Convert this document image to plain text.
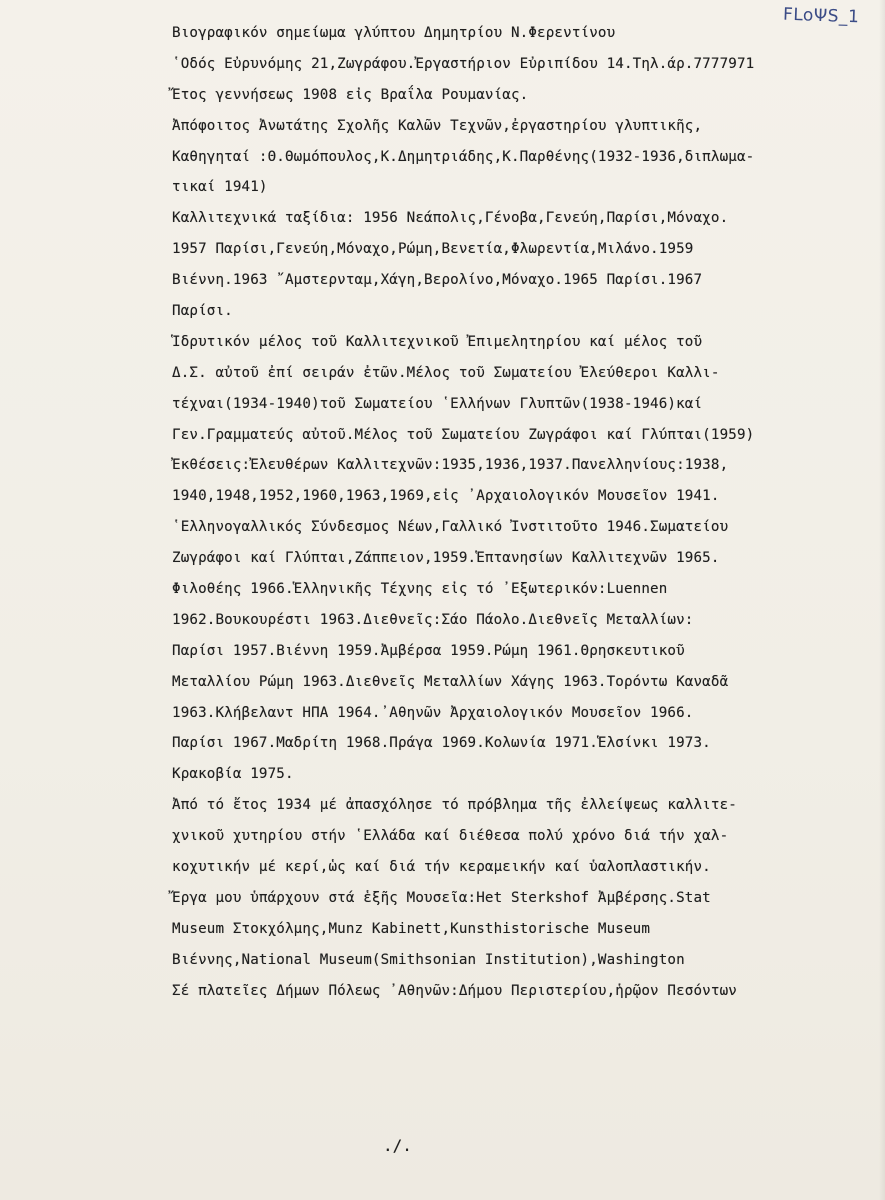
FLoΨS_1
Βιογραφικόν σημείωμα γλύπτου Δημητρίου Ν.Φερεντίνου
῾Οδός Εὐρυνόμης 21,Ζωγράφου.Ἐργαστήριον Εὐριπίδου 14.Τηλ.άρ.7777971
Ἔτος γεννήσεως 1908 εἰς Βραΐλα Ρουμανίας.
Ἀπόφοιτος Ἀνωτάτης Σχολῆς Καλῶν Τεχνῶν,ἐργαστηρίου γλυπτικῆς,
Καθηγηταί :Θ.Θωμόπουλος,Κ.Δημητριάδης,Κ.Παρθένης(1932-1936,διπλωμα-
τικαί 1941)
Καλλιτεχνικά ταξίδια: 1956 Νεάπολις,Γένοβα,Γενεύη,Παρίσι,Μόναχο.
1957 Παρίσι,Γενεύη,Μόναχο,Ρώμη,Βενετία,Φλωρεντία,Μιλάνο.1959
Βιέννη.1963 ῎Αμστερνταμ,Χάγη,Βερολίνο,Μόναχο.1965 Παρίσι.1967
Παρίσι.
Ἱδρυτικόν μέλος τοῦ Καλλιτεχνικοῦ Ἐπιμελητηρίου καί μέλος τοῦ
Δ.Σ. αὐτοῦ ἐπί σειράν ἐτῶν.Μέλος τοῦ Σωματείου Ἐλεύθεροι Καλλι-
τέχναι(1934-1940)τοῦ Σωματείου ῾Ελλήνων Γλυπτῶν(1938-1946)καί
Γεν.Γραμματεύς αὐτοῦ.Μέλος τοῦ Σωματείου Ζωγράφοι καί Γλύπται(1959)
Ἐκθέσεις:Ἐλευθέρων Καλλιτεχνῶν:1935,1936,1937.Πανελληνίους:1938,
1940,1948,1952,1960,1963,1969,εἰς ᾽Αρχαιολογικόν Μουσεῖον 1941.
῾Ελληνογαλλικός Σύνδεσμος Νέων,Γαλλικό Ἰνστιτοῦτο 1946.Σωματείου
Ζωγράφοι καί Γλύπται,Ζάππειον,1959.Ἑπτανησίων Καλλιτεχνῶν 1965.
Φιλοθέης 1966.Ἑλληνικῆς Τέχνης εἰς τό ᾽Εξωτερικόν:Luennen
1962.Βουκουρέστι 1963.Διεθνεῖς:Σάο Πάολο.Διεθνεῖς Μεταλλίων:
Παρίσι 1957.Βιέννη 1959.Ἀμβέρσα 1959.Ρώμη 1961.Θρησκευτικοῦ
Μεταλλίου Ρώμη 1963.Διεθνεῖς Μεταλλίων Χάγης 1963.Τορόντω Καναδᾶ
1963.Κλήβελαντ ΗΠΑ 1964.᾽Αθηνῶν Ἀρχαιολογικόν Μουσεῖον 1966.
Παρίσι 1967.Μαδρίτη 1968.Πράγα 1969.Κολωνία 1971.Ἑλσίνκι 1973.
Κρακοβία 1975.
Ἀπό τό ἔτος 1934 μέ ἀπασχόλησε τό πρόβλημα τῆς ἐλλείψεως καλλιτε-
χνικοῦ χυτηρίου στήν ῾Ελλάδα καί διέθεσα πολύ χρόνο διά τήν χαλ-
κοχυτικήν μέ κερί,ὡς καί διά τήν κεραμεικήν καί ὑαλοπλαστικήν.
Ἔργα μου ὑπάρχουν στά ἑξῆς Μουσεῖα:Het Sterkshof Ἀμβέρσης.Stat
Museum Στοκχόλμης,Munz Kabinett,Kunsthistorische Museum
Βιέννης,National Museum(Smithsonian Institution),Washington
Σέ πλατεῖες Δήμων Πόλεως ᾽Αθηνῶν:Δήμου Περιστερίου,ἡρῷον Πεσόντων
./.
